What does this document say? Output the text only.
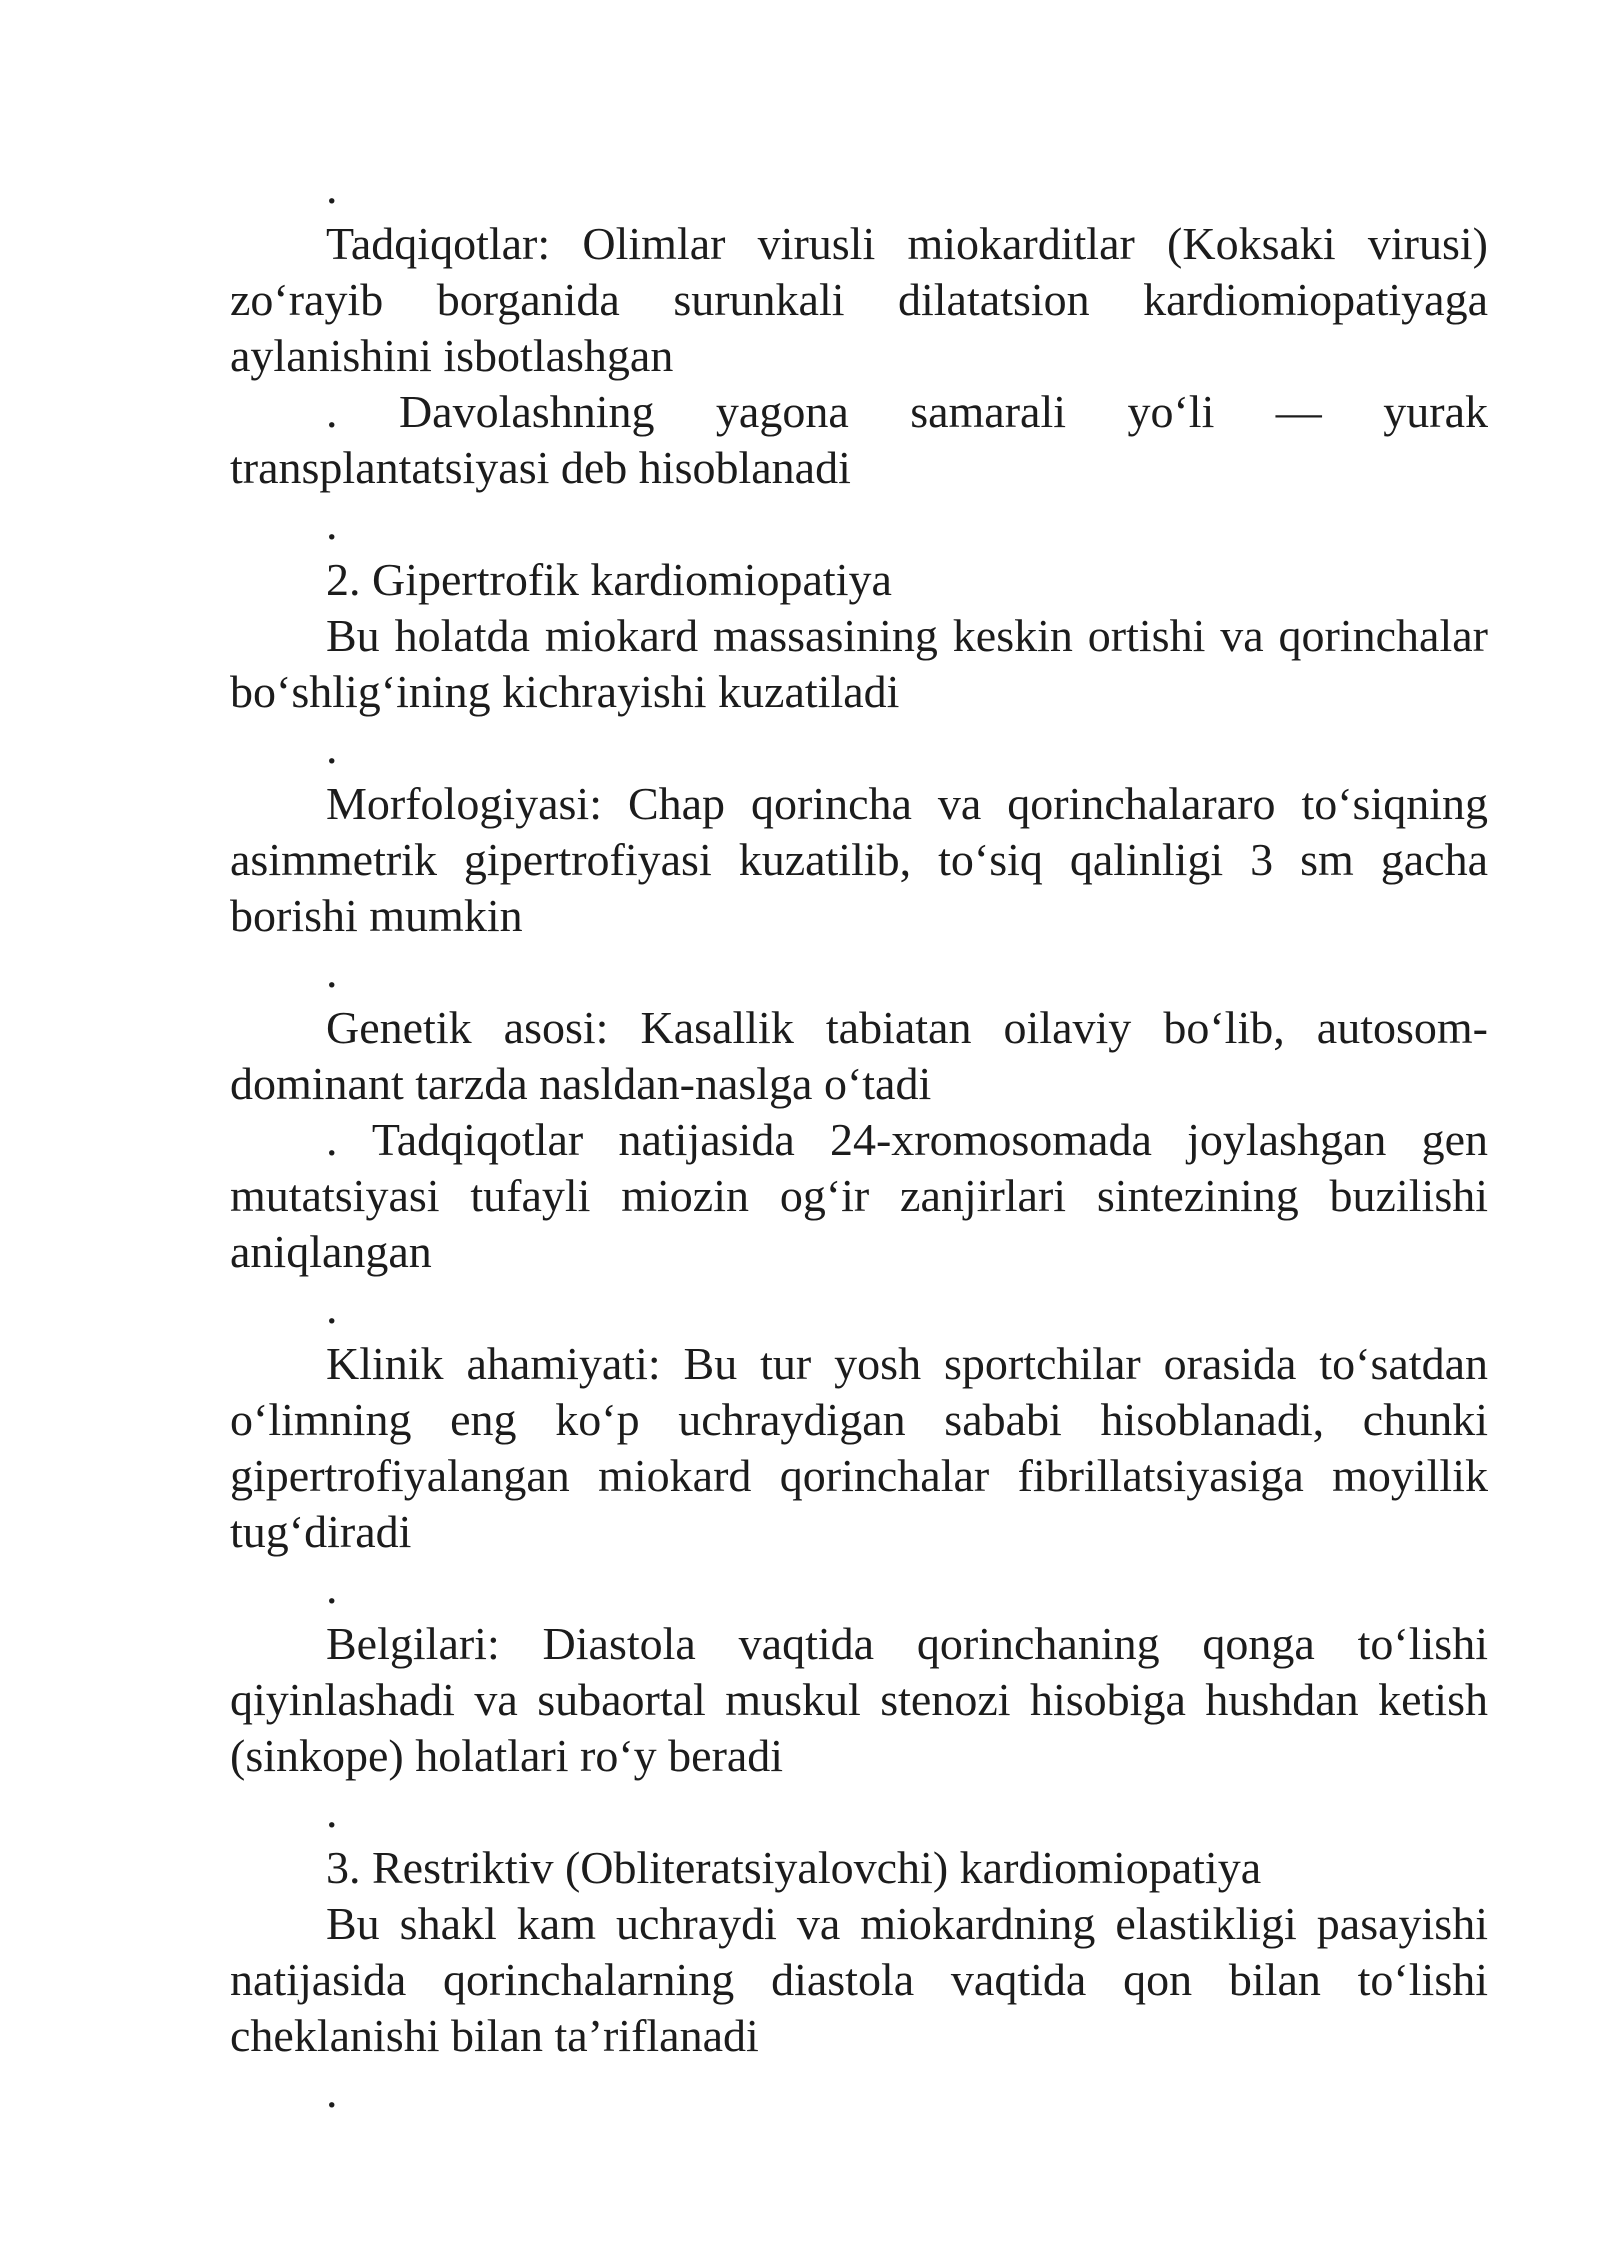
.

Tadqiqotlar: Olimlar virusli miokarditlar (Koksaki virusi) zo‘rayib borganida surunkali dilatatsion kardiomiopatiyaga aylanishini isbotlashgan

. Davolashning yagona samarali yo‘li — yurak transplantatsiyasi deb hisoblanadi

.

2. Gipertrofik kardiomiopatiya

Bu holatda miokard massasining keskin ortishi va qorinchalar bo‘shlig‘ining kichrayishi kuzatiladi

.

Morfologiyasi: Chap qorincha va qorinchalararo to‘siqning asimmetrik gipertrofiyasi kuzatilib, to‘siq qalinligi 3 sm gacha borishi mumkin

.

Genetik asosi: Kasallik tabiatan oilaviy bo‘lib, autosom-dominant tarzda nasldan-naslga o‘tadi

. Tadqiqotlar natijasida 24-xromosomada joylashgan gen mutatsiyasi tufayli miozin og‘ir zanjirlari sintezining buzilishi aniqlangan

.

Klinik ahamiyati: Bu tur yosh sportchilar orasida to‘satdan o‘limning eng ko‘p uchraydigan sababi hisoblanadi, chunki gipertrofiyalangan miokard qorinchalar fibrillatsiyasiga moyillik tug‘diradi

.

Belgilari: Diastola vaqtida qorinchaning qonga to‘lishi qiyinlashadi va subaortal muskul stenozi hisobiga hushdan ketish (sinkope) holatlari ro‘y beradi

.

3. Restriktiv (Obliteratsiyalovchi) kardiomiopatiya

Bu shakl kam uchraydi va miokardning elastikligi pasayishi natijasida qorinchalarning diastola vaqtida qon bilan to‘lishi cheklanishi bilan ta’riflanadi

.
